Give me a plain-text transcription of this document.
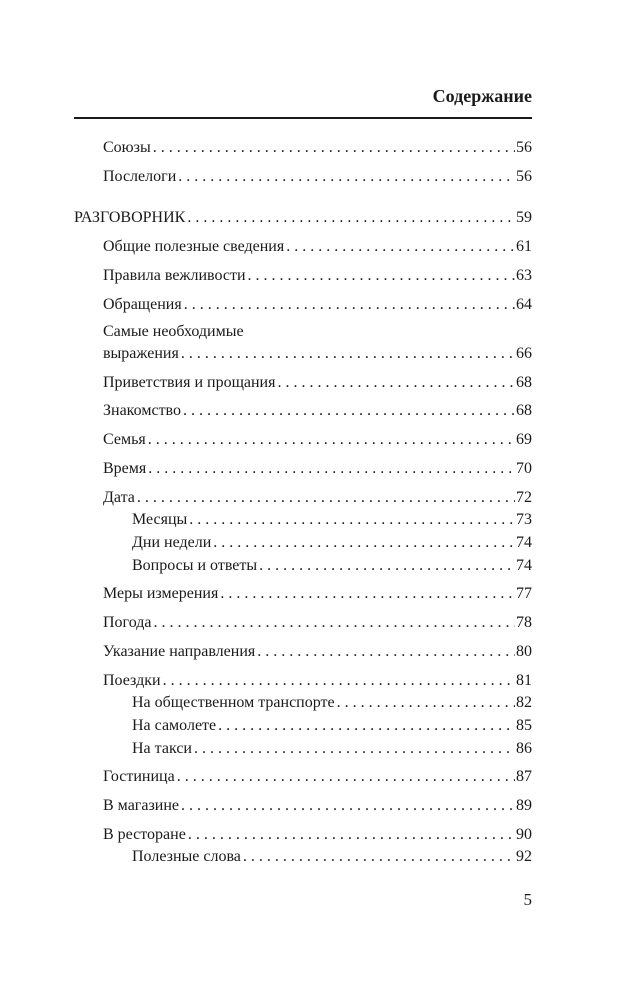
Содержание
Союзы . . .	56
Послелоги . . .	56
РАЗГОВОРНИК . . .	59
Общие полезные сведения . . .	61
Правила вежливости . . .	63
Обращения . . .	64
Самые необходимые
выражения . . .	66
Приветствия и прощания . . .	68
Знакомство . . .	68
Семья . . .	69
Время . . .	70
Дата . . .	72
Месяцы . . .	73
Дни недели . . .	74
Вопросы и ответы . . .	74
Меры измерения . . .	77
Погода . . .	78
Указание направления . . .	80
Поездки . . .	81
На общественном транспорте . . .	82
На самолете . . .	85
На такси . . .	86
Гостиница . . .	87
В магазине . . .	89
В ресторане . . .	90
Полезные слова . . .	92
5
